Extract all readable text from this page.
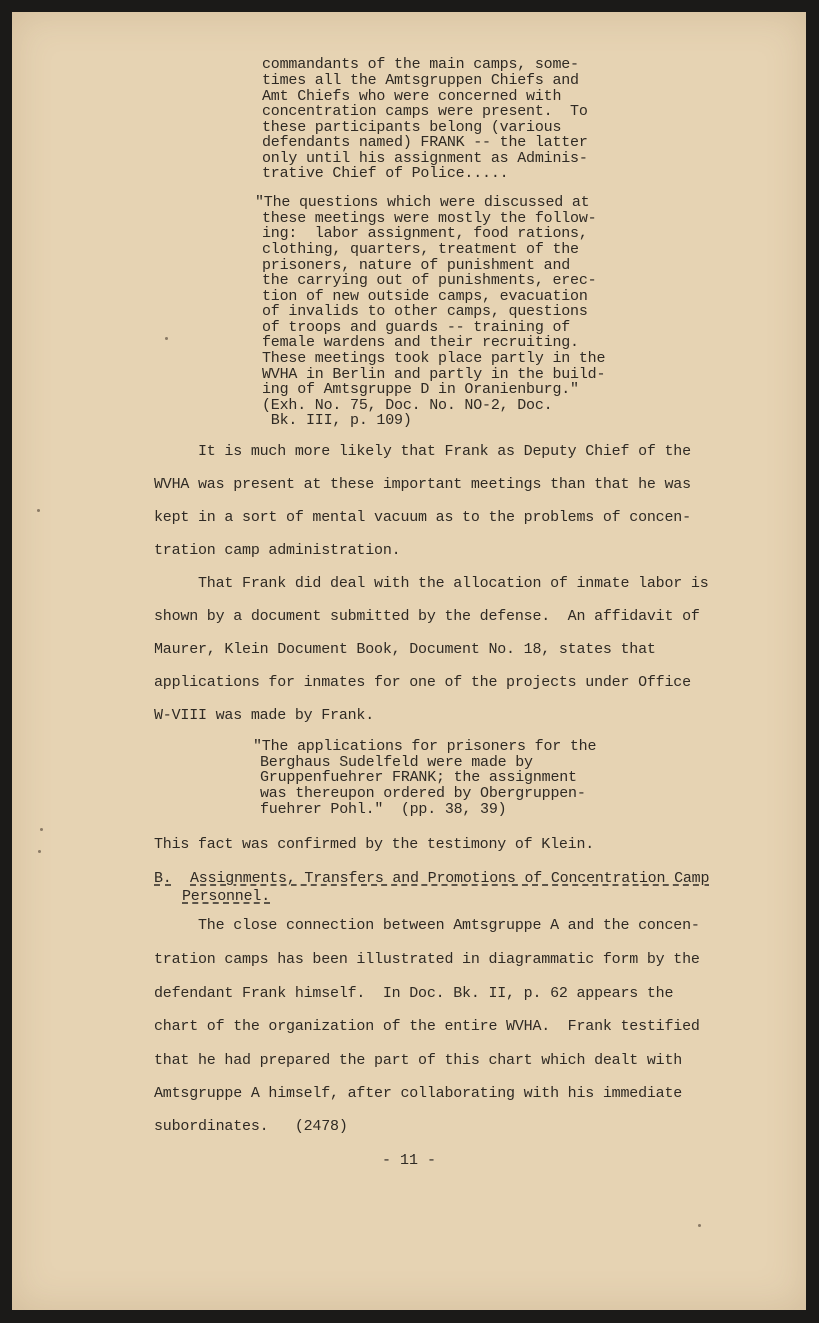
commandants of the main camps, some-
times all the Amtsgruppen Chiefs and
Amt Chiefs who were concerned with
concentration camps were present.  To
these participants belong (various
defendants named) FRANK -- the latter
only until his assignment as Adminis-
trative Chief of Police.....
"The questions which were discussed at
these meetings were mostly the follow-
ing:  labor assignment, food rations,
clothing, quarters, treatment of the
prisoners, nature of punishment and
the carrying out of punishments, erec-
tion of new outside camps, evacuation
of invalids to other camps, questions
of troops and guards -- training of
female wardens and their recruiting.
These meetings took place partly in the
WVHA in Berlin and partly in the build-
ing of Amtsgruppe D in Oranienburg."
(Exh. No. 75, Doc. No. NO-2, Doc.
Bk. III, p. 109)
It is much more likely that Frank as Deputy Chief of the
WVHA was present at these important meetings than that he was
kept in a sort of mental vacuum as to the problems of concen-
tration camp administration.
That Frank did deal with the allocation of inmate labor is
shown by a document submitted by the defense.  An affidavit of
Maurer, Klein Document Book, Document No. 18, states that
applications for inmates for one of the projects under Office
W-VIII was made by Frank.
"The applications for prisoners for the
Berghaus Sudelfeld were made by
Gruppenfuehrer FRANK; the assignment
was thereupon ordered by Obergruppen-
fuehrer Pohl."  (pp. 38, 39)
This fact was confirmed by the testimony of Klein.
B. Assignments, Transfers and Promotions of Concentration Camp
Personnel.
The close connection between Amtsgruppe A and the concen-
tration camps has been illustrated in diagrammatic form by the
defendant Frank himself.  In Doc. Bk. II, p. 62 appears the
chart of the organization of the entire WVHA.  Frank testified
that he had prepared the part of this chart which dealt with
Amtsgruppe A himself, after collaborating with his immediate
subordinates.   (2478)
- 11 -
